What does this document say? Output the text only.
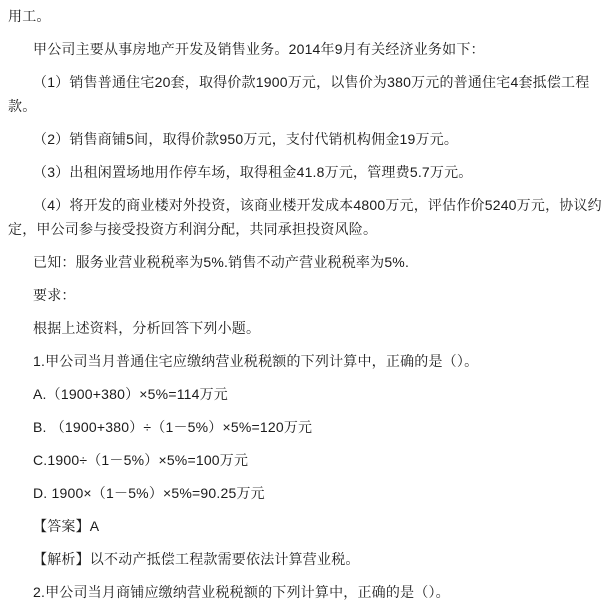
用工。

甲公司主要从事房地产开发及销售业务。2014年9月有关经济业务如下：

（1）销售普通住宅20套，取得价款1900万元，以售价为380万元的普通住宅4套抵偿工程款。

（2）销售商铺5间，取得价款950万元，支付代销机构佣金19万元。

（3）出租闲置场地用作停车场，取得租金41.8万元，管理费5.7万元。

（4）将开发的商业楼对外投资，该商业楼开发成本4800万元，评估作价5240万元，协议约定，甲公司参与接受投资方利润分配，共同承担投资风险。

已知：服务业营业税税率为5%.销售不动产营业税税率为5%.

要求：

根据上述资料，分析回答下列小题。

1.甲公司当月普通住宅应缴纳营业税税额的下列计算中，正确的是（）。

A.（1900+380）×5%=114万元

B. （1900+380）÷（1－5%）×5%=120万元

C.1900÷（1－5%）×5%=100万元

D. 1900×（1－5%）×5%=90.25万元

【答案】A

【解析】以不动产抵偿工程款需要依法计算营业税。

2.甲公司当月商铺应缴纳营业税税额的下列计算中，正确的是（）。
